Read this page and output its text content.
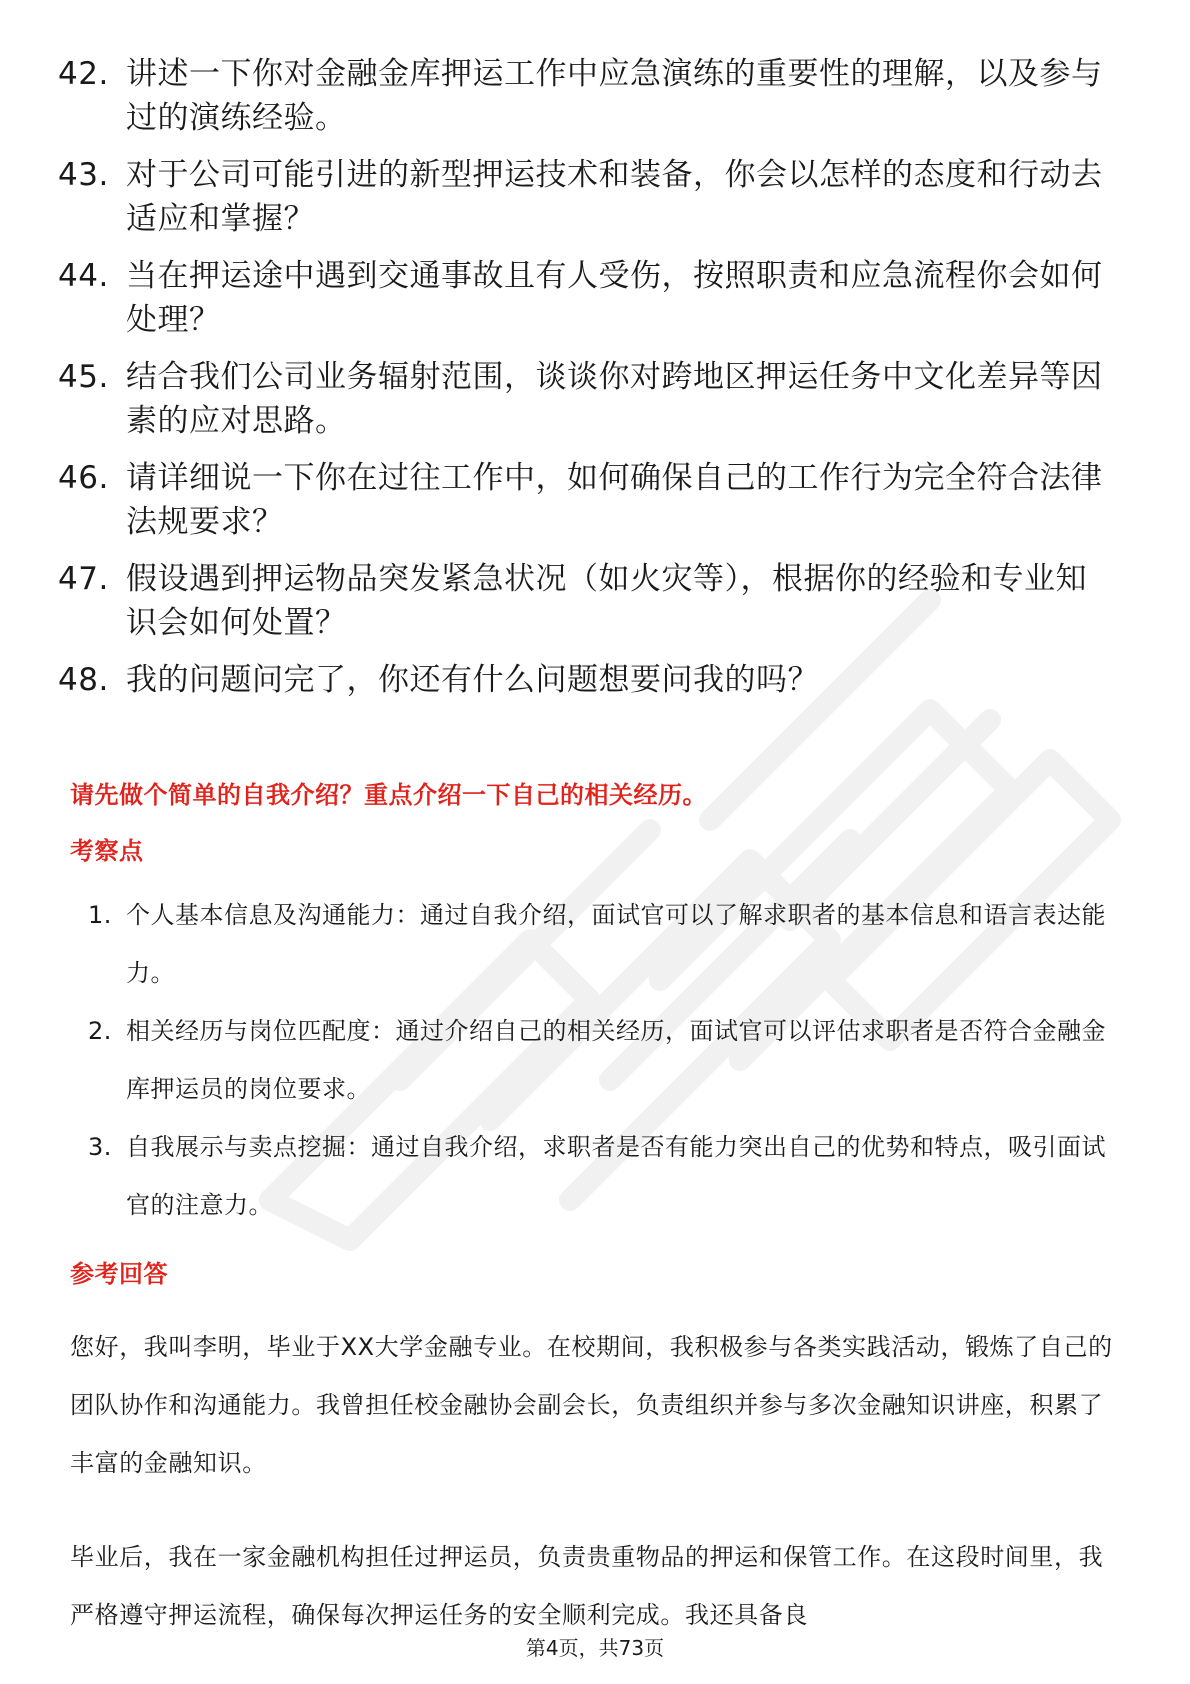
42. 讲述一下你对金融金库押运工作中应急演练的重要性的理解，以及参与过的演练经验。
43. 对于公司可能引进的新型押运技术和装备，你会以怎样的态度和行动去适应和掌握？
44. 当在押运途中遇到交通事故且有人受伤，按照职责和应急流程你会如何处理？
45. 结合我们公司业务辐射范围，谈谈你对跨地区押运任务中文化差异等因素的应对思路。
46. 请详细说一下你在过往工作中，如何确保自己的工作行为完全符合法律法规要求？
47. 假设遇到押运物品突发紧急状况（如火灾等），根据你的经验和专业知识会如何处置？
48. 我的问题问完了，你还有什么问题想要问我的吗？
请先做个简单的自我介绍？重点介绍一下自己的相关经历。
考察点
1. 个人基本信息及沟通能力：通过自我介绍，面试官可以了解求职者的基本信息和语言表达能力。
2. 相关经历与岗位匹配度：通过介绍自己的相关经历，面试官可以评估求职者是否符合金融金库押运员的岗位要求。
3. 自我展示与卖点挖掘：通过自我介绍，求职者是否有能力突出自己的优势和特点，吸引面试官的注意力。
参考回答
您好，我叫李明，毕业于XX大学金融专业。在校期间，我积极参与各类实践活动，锻炼了自己的团队协作和沟通能力。我曾担任校金融协会副会长，负责组织并参与多次金融知识讲座，积累了丰富的金融知识。
毕业后，我在一家金融机构担任过押运员，负责贵重物品的押运和保管工作。在这段时间里，我严格遵守押运流程，确保每次押运任务的安全顺利完成。我还具备良
第4页，共73页
